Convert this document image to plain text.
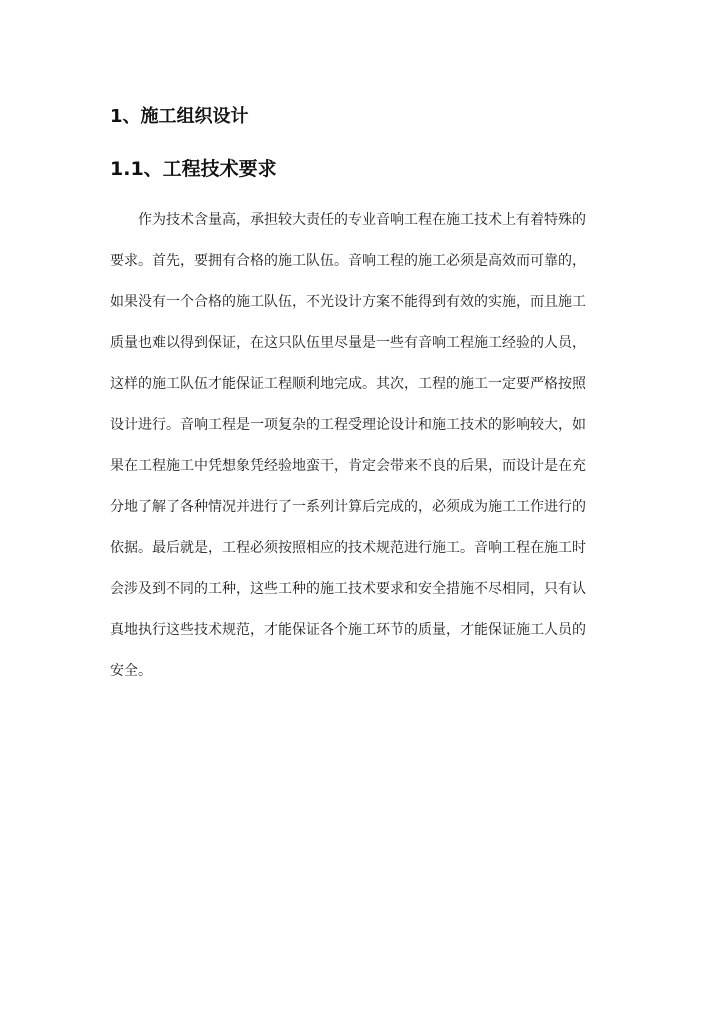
1、施工组织设计
1.1、工程技术要求
作为技术含量高，承担较大责任的专业音响工程在施工技术上有着特殊的
要求。首先，要拥有合格的施工队伍。音响工程的施工必须是高效而可靠的，
如果没有一个合格的施工队伍，不光设计方案不能得到有效的实施，而且施工
质量也难以得到保证，在这只队伍里尽量是一些有音响工程施工经验的人员，
这样的施工队伍才能保证工程顺利地完成。其次，工程的施工一定要严格按照
设计进行。音响工程是一项复杂的工程受理论设计和施工技术的影响较大，如
果在工程施工中凭想象凭经验地蛮干，肯定会带来不良的后果，而设计是在充
分地了解了各种情况并进行了一系列计算后完成的，必须成为施工工作进行的
依据。最后就是，工程必须按照相应的技术规范进行施工。音响工程在施工时
会涉及到不同的工种，这些工种的施工技术要求和安全措施不尽相同，只有认
真地执行这些技术规范，才能保证各个施工环节的质量，才能保证施工人员的
安全。
